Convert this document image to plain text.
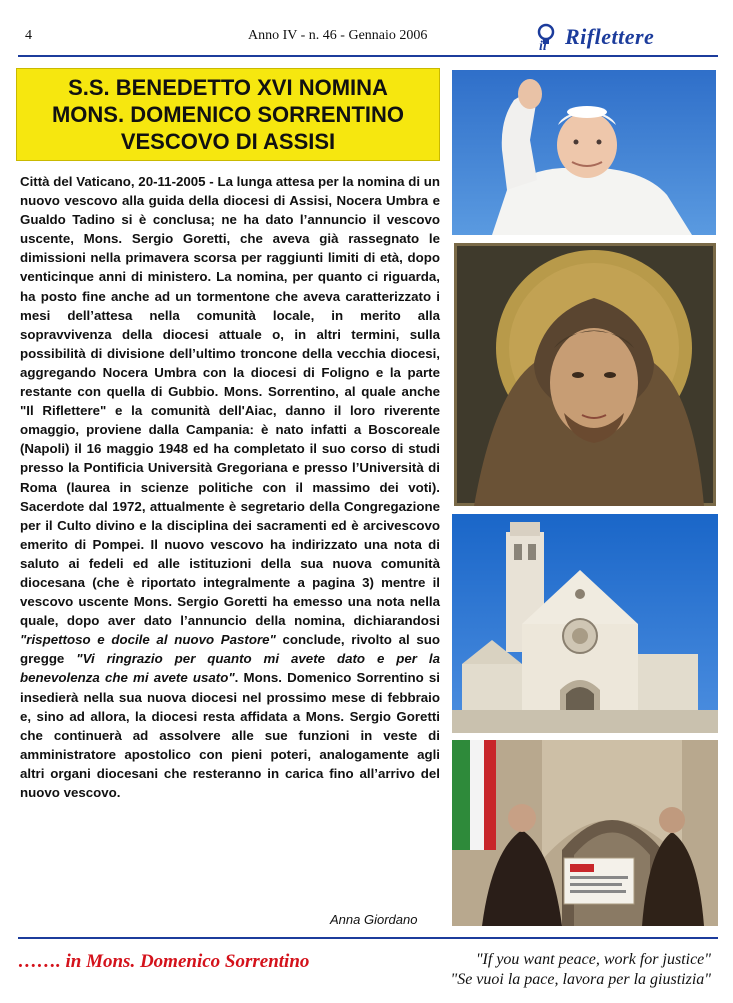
4	Anno IV - n. 46 - Gennaio 2006
il Riflettere
S.S. BENEDETTO XVI NOMINA
MONS. DOMENICO SORRENTINO
VESCOVO DI ASSISI
Città del Vaticano, 20-11-2005 - La lunga attesa per la nomina di un nuovo vescovo alla guida della diocesi di Assisi, Nocera Umbra e Gualdo Tadino si è conclusa; ne ha dato l’annuncio il vescovo uscente, Mons. Sergio Goretti, che aveva già rassegnato le dimissioni nella primavera scorsa per raggiunti limiti di età, dopo venticinque anni di ministero. La nomina, per quanto ci riguarda, ha posto fine anche ad un tormentone che aveva caratterizzato i mesi dell’attesa nella comunità locale, in merito alla sopravvivenza della diocesi attuale o, in altri termini, sulla possibilità di divisione dell’ultimo troncone della vecchia diocesi, aggregando Nocera Umbra con la diocesi di Foligno e la parte restante con quella di Gubbio. Mons. Sorrentino, al quale anche "Il Riflettere" e la comunità dell'Aiac, danno il loro riverente omaggio, proviene dalla Campania: è nato infatti a Boscoreale (Napoli) il 16 maggio 1948 ed ha completato il suo corso di studi presso la Pontificia Università Gregoriana e presso l’Università di Roma (laurea in scienze politiche con il massimo dei voti). Sacerdote dal 1972, attualmente è segretario della Congregazione per il Culto divino e la disciplina dei sacramenti ed è arcivescovo emerito di Pompei. Il nuovo vescovo ha indirizzato una nota di saluto ai fedeli ed alle istituzioni della sua nuova comunità diocesana (che è riportato integralmente a pagina 3) mentre il vescovo uscente Mons. Sergio Goretti ha emesso una nota nella quale, dopo aver dato l’annuncio della nomina, dichiarandosi "rispettoso e docile al nuovo Pastore" conclude, rivolto al suo gregge "Vi ringrazio per quanto mi avete dato e per la benevolenza che mi avete usato". Mons. Domenico Sorrentino si insedierà nella sua nuova diocesi nel prossimo mese di febbraio e, sino ad allora, la diocesi resta affidata a Mons. Sergio Goretti che continuerà ad assolvere alle sue funzioni in veste di amministratore apostolico con pieni poteri, analogamente agli altri organi diocesani che resteranno in carica fino all’arrivo del nuovo vescovo.
Anna Giordano
……. in Mons. Domenico Sorrentino	"If you want peace, work for justice"
"Se vuoi la pace, lavora per la giustizia"
